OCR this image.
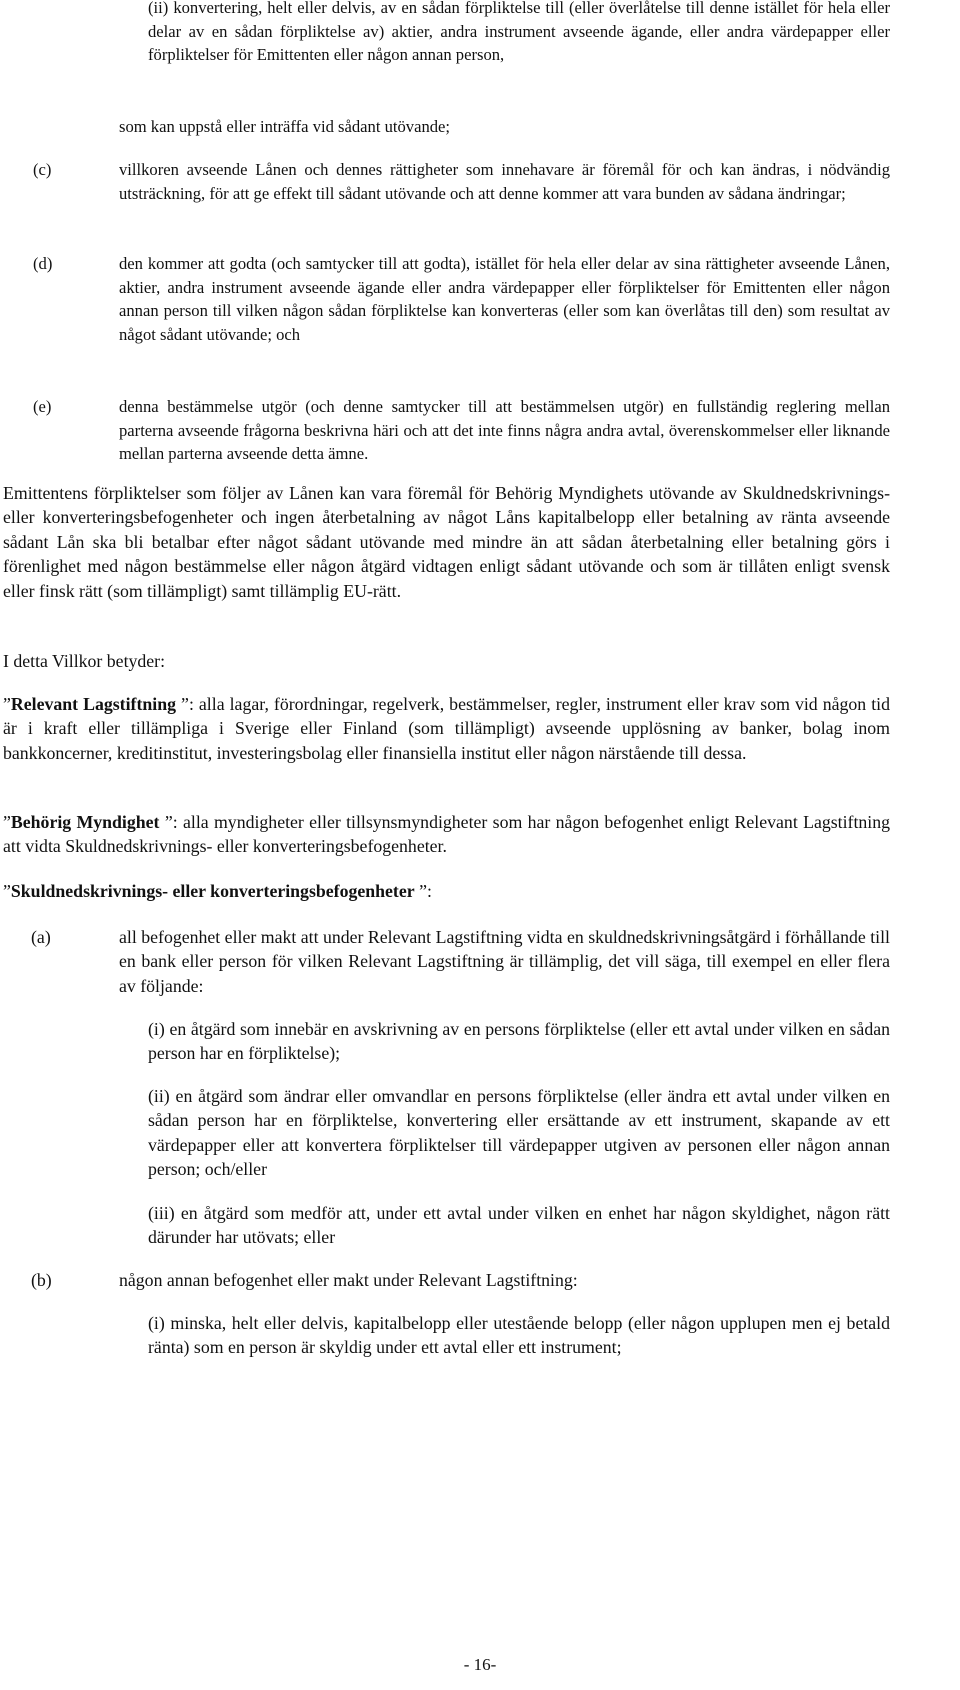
(ii) konvertering, helt eller delvis, av en sådan förpliktelse till (eller överlåtelse till denne istället för hela eller delar av en sådan förpliktelse av) aktier, andra instrument avseende ägande, eller andra värdepapper eller förpliktelser för Emittenten eller någon annan person,

som kan uppstå eller inträffa vid sådant utövande;

(c)	villkoren avseende Lånen och dennes rättigheter som innehavare är föremål för och kan ändras, i nödvändig utsträckning, för att ge effekt till sådant utövande och att denne kommer att vara bunden av sådana ändringar;

(d)	den kommer att godta (och samtycker till att godta), istället för hela eller delar av sina rättigheter avseende Lånen, aktier, andra instrument avseende ägande eller andra värdepapper eller förpliktelser för Emittenten eller någon annan person till vilken någon sådan förpliktelse kan konverteras (eller som kan överlåtas till den) som resultat av något sådant utövande; och

(e)	denna bestämmelse utgör (och denne samtycker till att bestämmelsen utgör) en fullständig reglering mellan parterna avseende frågorna beskrivna häri och att det inte finns några andra avtal, överenskommelser eller liknande mellan parterna avseende detta ämne.

Emittentens förpliktelser som följer av Lånen kan vara föremål för Behörig Myndighets utövande av Skuldnedskrivnings- eller konverteringsbefogenheter och ingen återbetalning av något Låns kapitalbelopp eller betalning av ränta avseende sådant Lån ska bli betalbar efter något sådant utövande med mindre än att sådan återbetalning eller betalning görs i förenlighet med någon bestämmelse eller någon åtgärd vidtagen enligt sådant utövande och som är tillåten enligt svensk eller finsk rätt (som tillämpligt) samt tillämplig EU-rätt.

I detta Villkor betyder:

”Relevant Lagstiftning ”: alla lagar, förordningar, regelverk, bestämmelser, regler, instrument eller krav som vid någon tid är i kraft eller tillämpliga i Sverige eller Finland (som tillämpligt) avseende upplösning av banker, bolag inom bankkoncerner, kreditinstitut, investeringsbolag eller finansiella institut eller någon närstående till dessa.

”Behörig Myndighet ”: alla myndigheter eller tillsynsmyndigheter som har någon befogenhet enligt Relevant Lagstiftning att vidta Skuldnedskrivnings- eller konverteringsbefogenheter.

”Skuldnedskrivnings- eller konverteringsbefogenheter ”:

(a)	all befogenhet eller makt att under Relevant Lagstiftning vidta en skuldnedskrivningsåtgärd i förhållande till en bank eller person för vilken Relevant Lagstiftning är tillämplig, det vill säga, till exempel en eller flera av följande:

(i) en åtgärd som innebär en avskrivning av en persons förpliktelse (eller ett avtal under vilken en sådan person har en förpliktelse);

(ii) en åtgärd som ändrar eller omvandlar en persons förpliktelse (eller ändra ett avtal under vilken en sådan person har en förpliktelse, konvertering eller ersättande av ett instrument, skapande av ett värdepapper eller att konvertera förpliktelser till värdepapper utgiven av personen eller någon annan person; och/eller

(iii) en åtgärd som medför att, under ett avtal under vilken en enhet har någon skyldighet, någon rätt därunder har utövats; eller

(b)	någon annan befogenhet eller makt under Relevant Lagstiftning:

(i) minska, helt eller delvis, kapitalbelopp eller utestående belopp (eller någon upplupen men ej betald ränta) som en person är skyldig under ett avtal eller ett instrument;

- 16-
